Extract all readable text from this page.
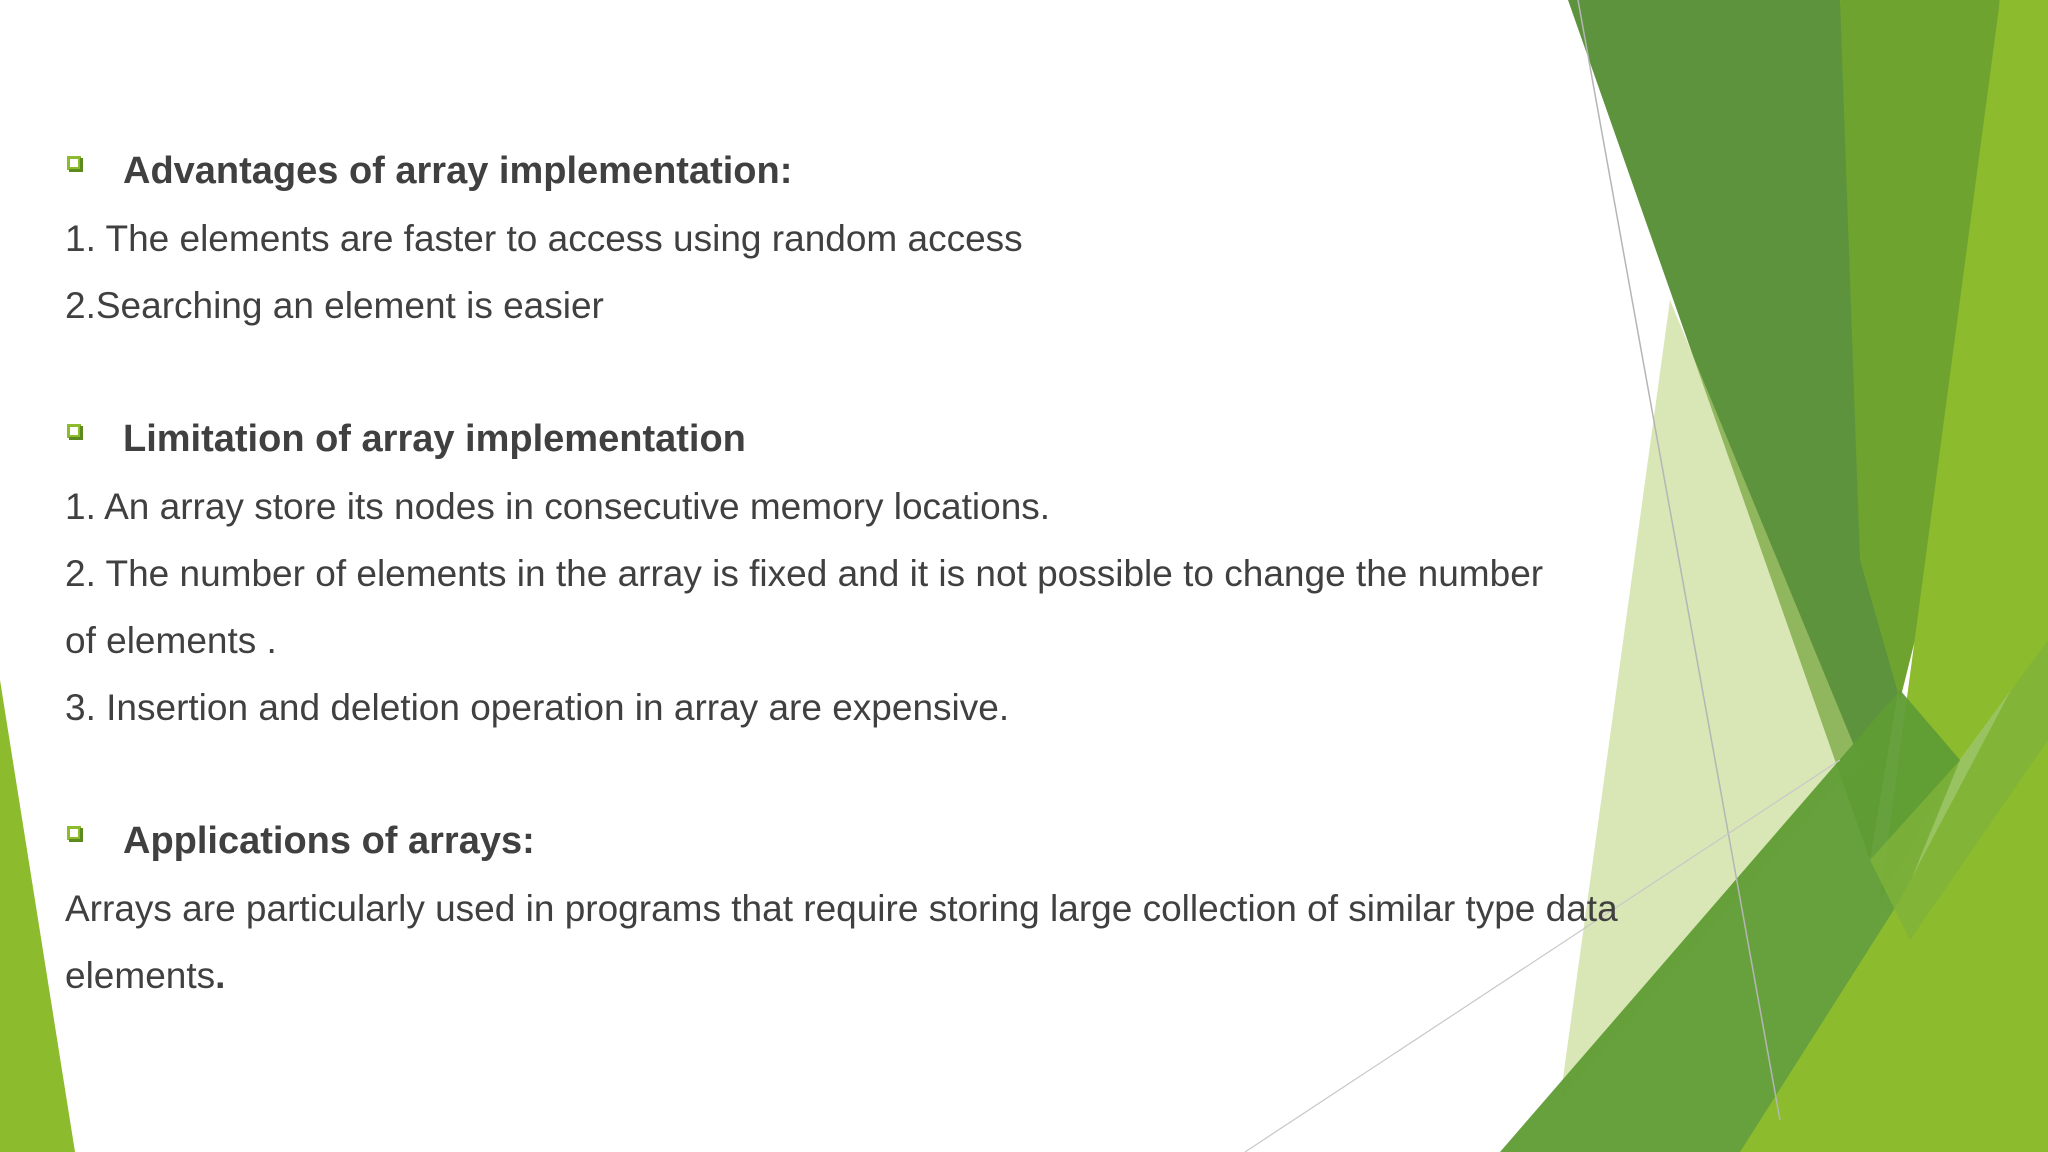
Advantages of array implementation:
1. The elements are faster to access using random access
2.Searching an element is easier
Limitation of array implementation
1. An array store its nodes in consecutive memory locations.
2. The number of elements in the array is fixed and it is not possible to change the number
of elements .
3. Insertion and deletion operation in array are expensive.
Applications of arrays:
Arrays are particularly used in programs that require storing large collection of similar type data
elements.
